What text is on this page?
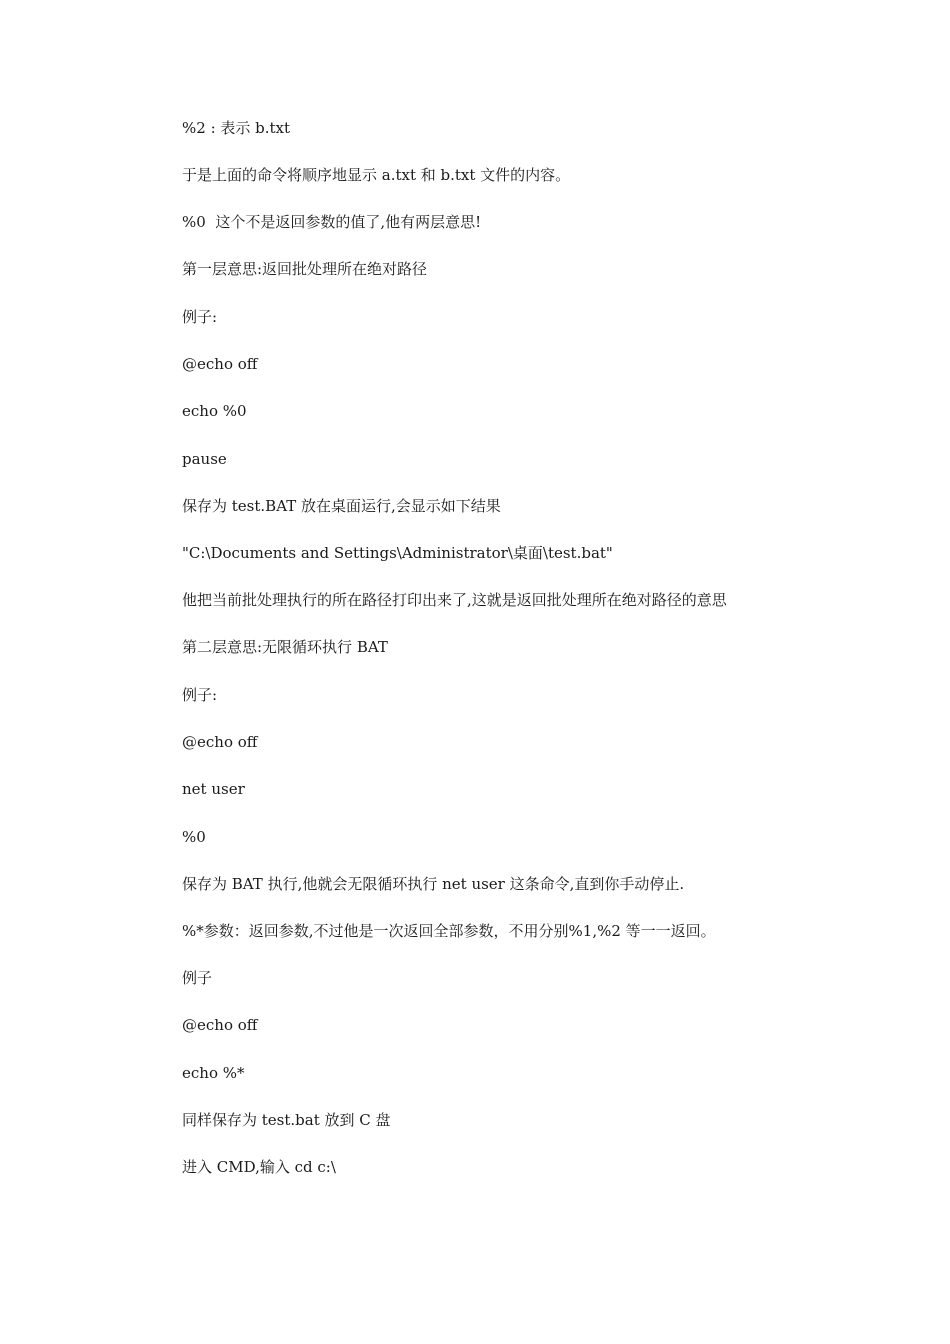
%2 : 表示 b.txt
于是上面的命令将顺序地显示 a.txt 和 b.txt 文件的内容。
%0  这个不是返回参数的值了,他有两层意思!
第一层意思:返回批处理所在绝对路径
例子:
@echo off
echo %0
pause
保存为 test.BAT 放在桌面运行,会显示如下结果
"C:\Documents and Settings\Administrator\桌面\test.bat"
他把当前批处理执行的所在路径打印出来了,这就是返回批处理所在绝对路径的意思
第二层意思:无限循环执行 BAT
例子:
@echo off
net user
%0
保存为 BAT 执行,他就会无限循环执行 net user 这条命令,直到你手动停止.
%*参数：返回参数,不过他是一次返回全部参数，不用分别%1,%2 等一一返回。
例子
@echo off
echo %*
同样保存为 test.bat 放到 C 盘
进入 CMD,输入 cd c:\
